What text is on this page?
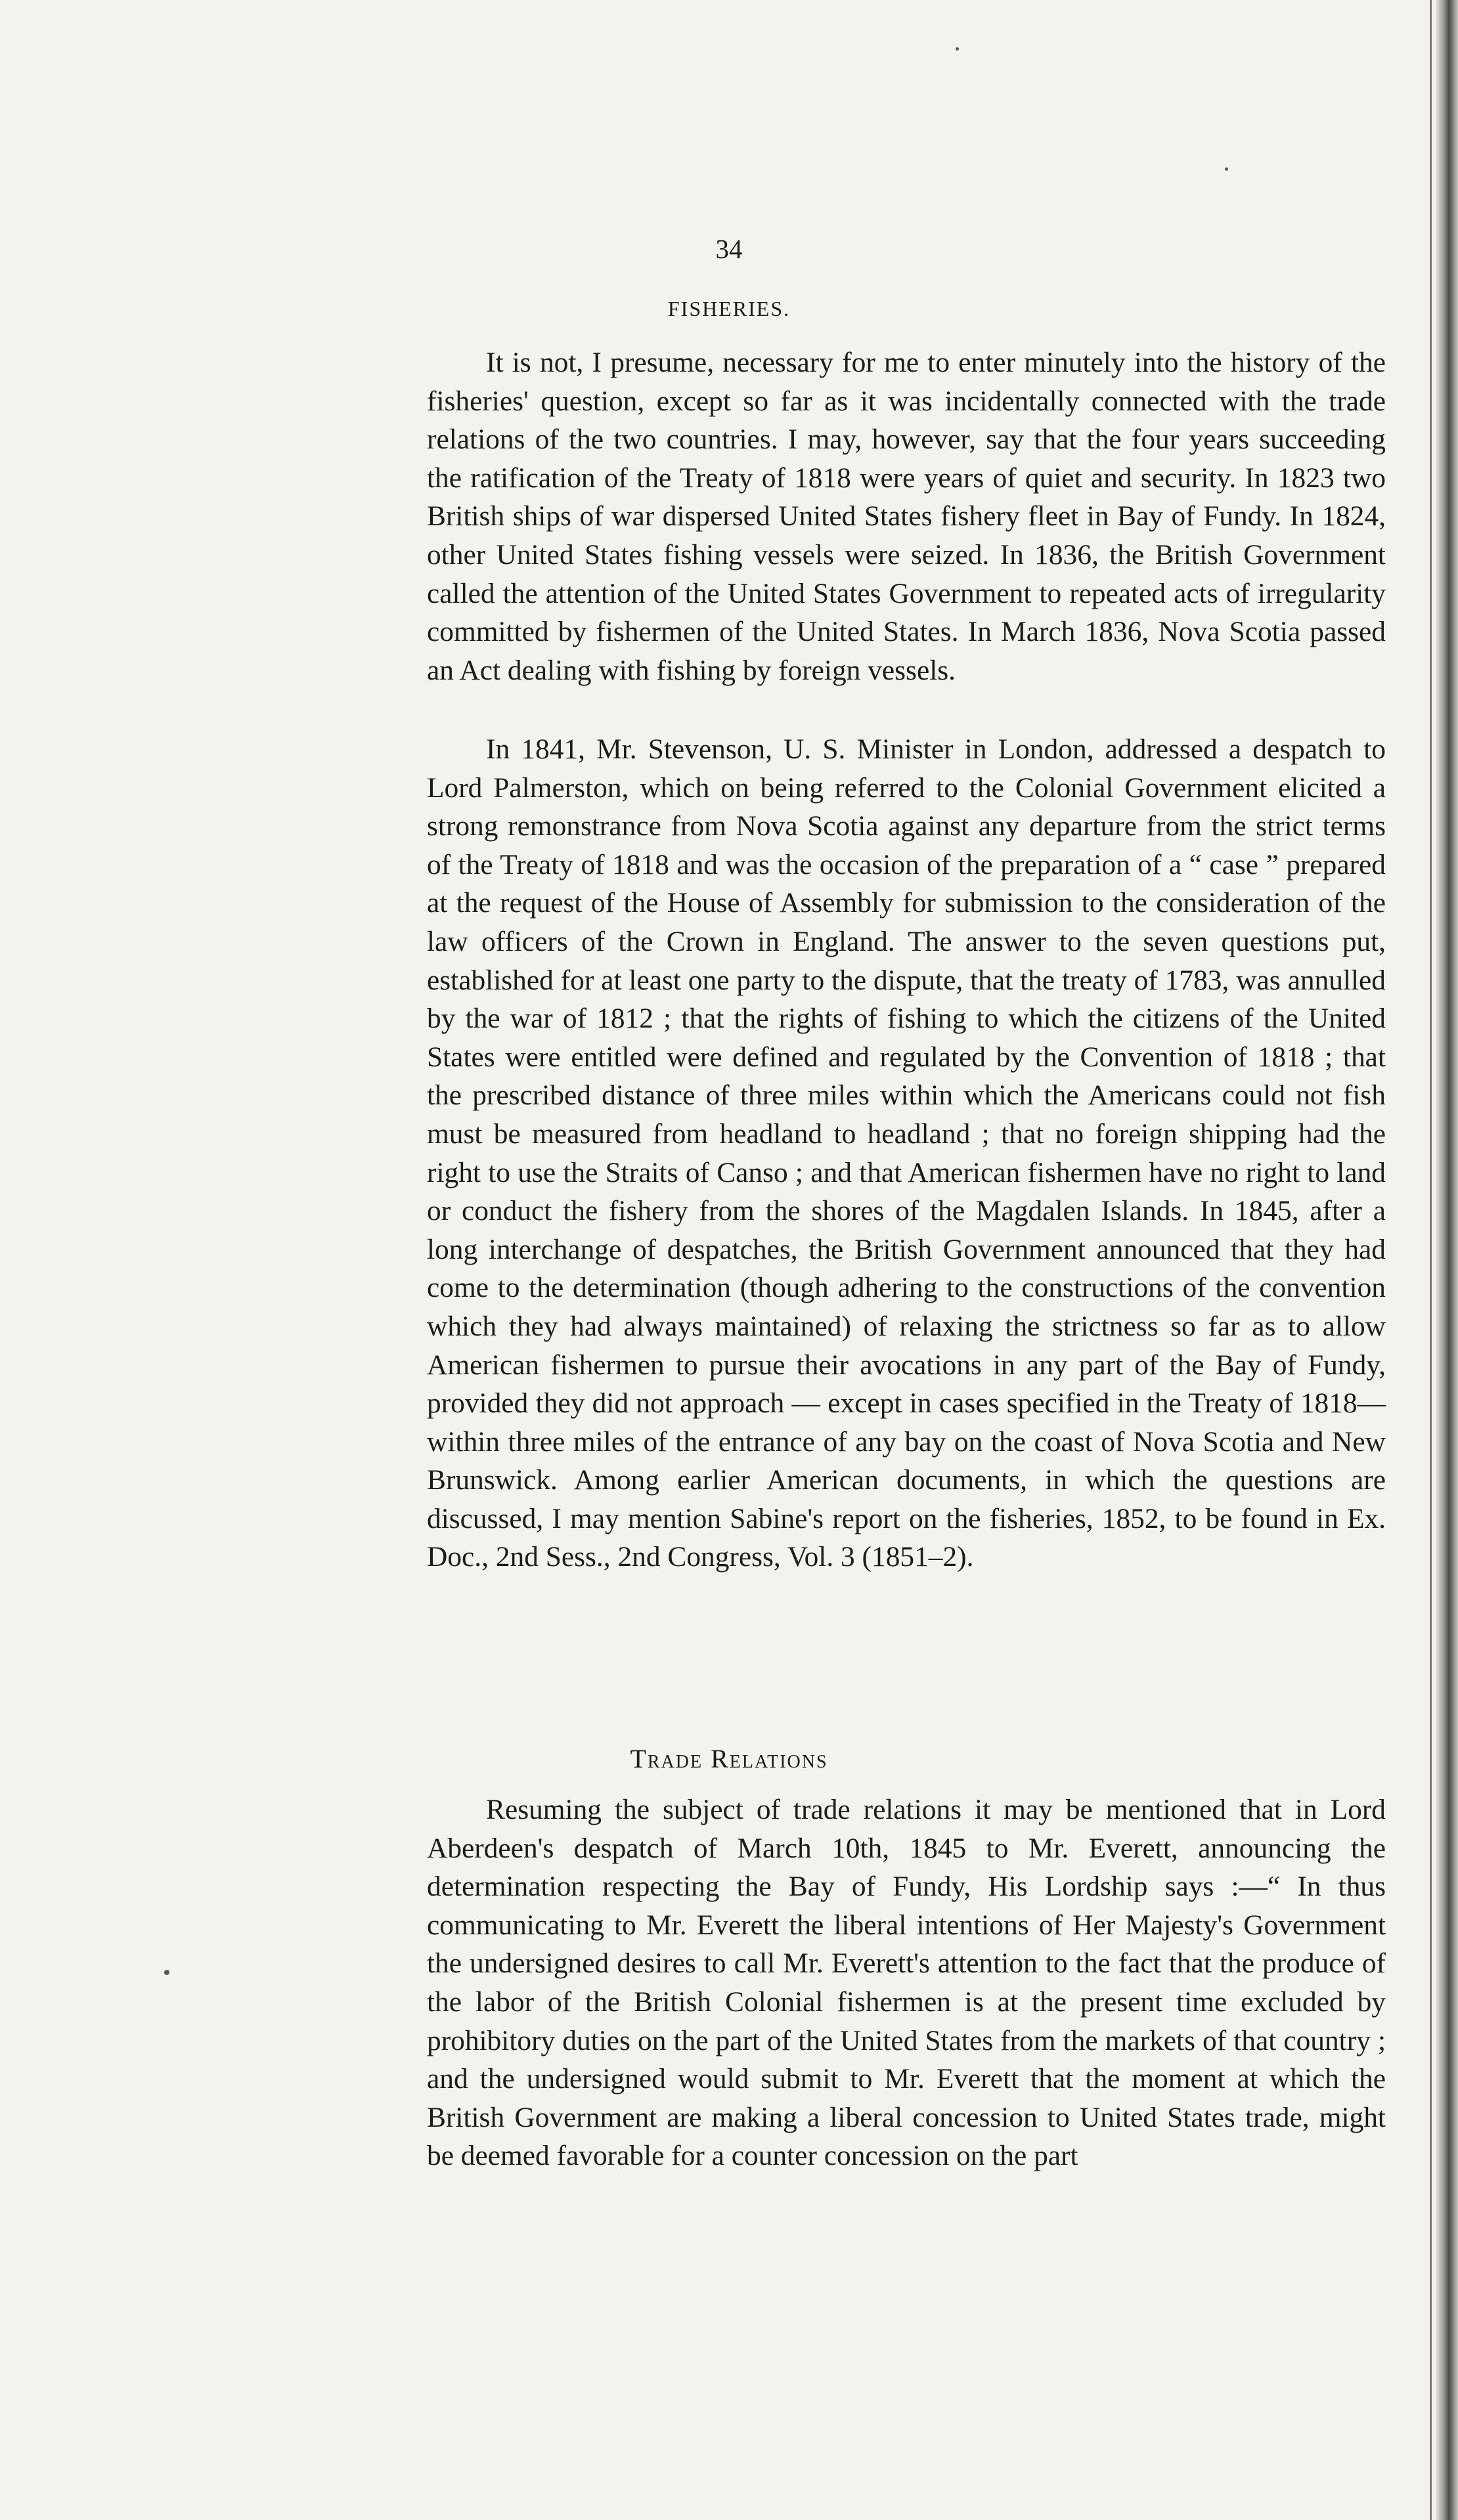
34
FISHERIES.

It is not, I presume, necessary for me to enter minutely into the history of the fisheries' question, except so far as it was incidentally connected with the trade relations of the two countries. I may, however, say that the four years succeeding the ratification of the Treaty of 1818 were years of quiet and security. In 1823 two British ships of war dispersed United States fishery fleet in Bay of Fundy. In 1824, other United States fishing vessels were seized. In 1836, the British Government called the attention of the United States Government to repeated acts of irregularity committed by fishermen of the United States. In March 1836, Nova Scotia passed an Act dealing with fishing by foreign vessels.

In 1841, Mr. Stevenson, U. S. Minister in London, addressed a despatch to Lord Palmerston, which on being referred to the Colonial Government elicited a strong remonstrance from Nova Scotia against any departure from the strict terms of the Treaty of 1818 and was the occasion of the preparation of a “ case ” prepared at the request of the House of Assembly for submission to the consideration of the law officers of the Crown in England. The answer to the seven questions put, established for at least one party to the dispute, that the treaty of 1783, was annulled by the war of 1812 ; that the rights of fishing to which the citizens of the United States were entitled were defined and regulated by the Convention of 1818 ; that the prescribed distance of three miles within which the Americans could not fish must be measured from headland to headland ; that no foreign shipping had the right to use the Straits of Canso ; and that American fishermen have no right to land or conduct the fishery from the shores of the Magdalen Islands. In 1845, after a long interchange of despatches, the British Government announced that they had come to the determination (though adhering to the constructions of the convention which they had always maintained) of relaxing the strictness so far as to allow American fishermen to pursue their avocations in any part of the Bay of Fundy, provided they did not approach — except in cases specified in the Treaty of 1818—within three miles of the entrance of any bay on the coast of Nova Scotia and New Brunswick. Among earlier American documents, in which the questions are discussed, I may mention Sabine's report on the fisheries, 1852, to be found in Ex. Doc., 2nd Sess., 2nd Congress, Vol. 3 (1851–2).

Trade Relations

Resuming the subject of trade relations it may be mentioned that in Lord Aberdeen's despatch of March 10th, 1845 to Mr. Everett, announcing the determination respecting the Bay of Fundy, His Lordship says :—“ In thus communicating to Mr. Everett the liberal intentions of Her Majesty's Government the undersigned desires to call Mr. Everett's attention to the fact that the produce of the labor of the British Colonial fishermen is at the present time excluded by prohibitory duties on the part of the United States from the markets of that country ; and the undersigned would submit to Mr. Everett that the moment at which the British Government are making a liberal concession to United States trade, might be deemed favorable for a counter concession on the part
